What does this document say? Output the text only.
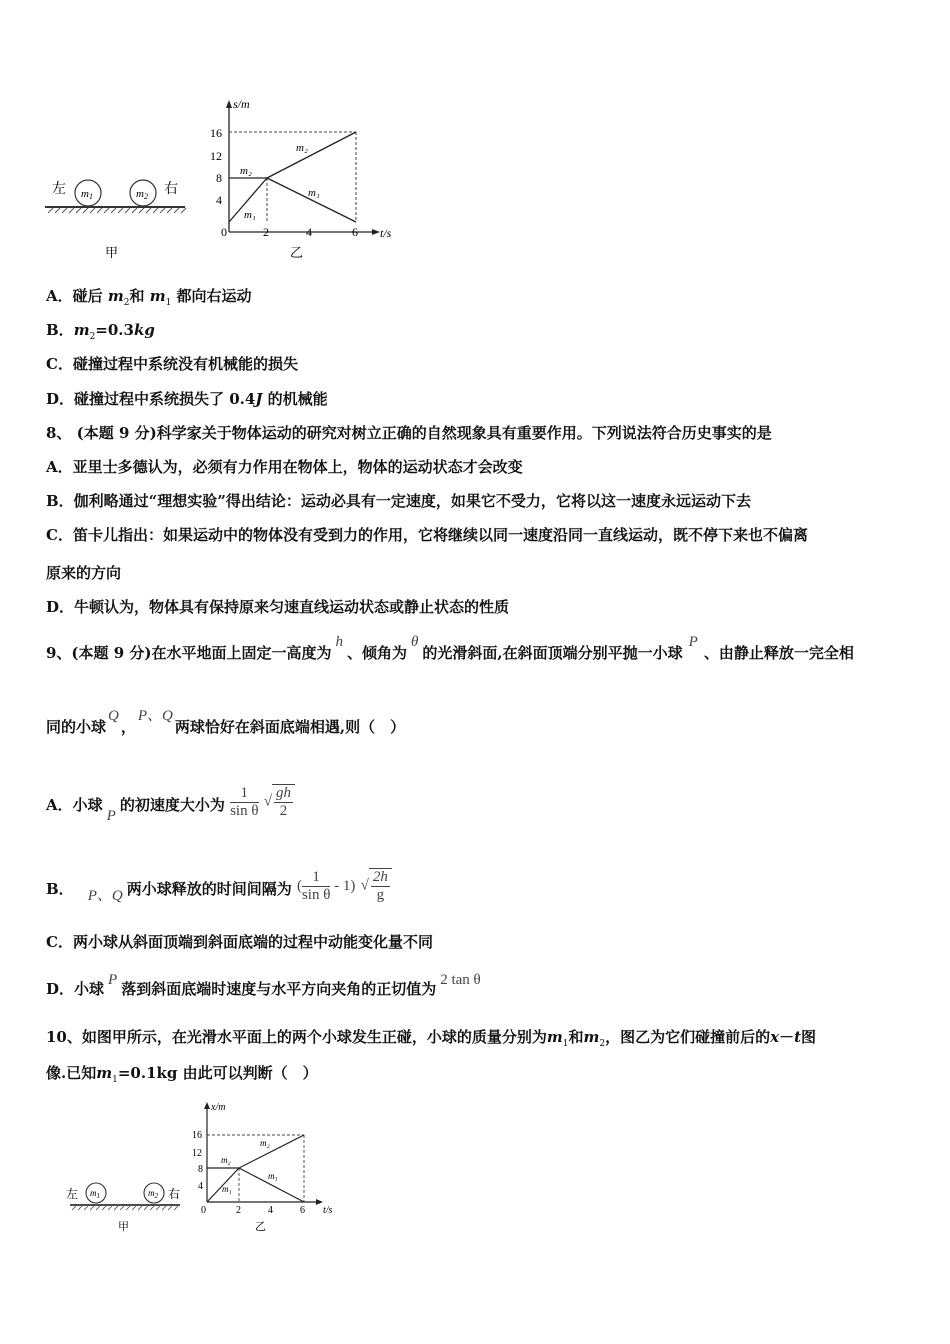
m1	m2
左	右
甲
s/m
t/s
0
16
12
8
4
2	4	6
m₂
m₂
m₁
m₁
乙
A．碰后 $m_2$和 $m_1$ 都向右运动
B．$m_2=0.3kg$
C．碰撞过程中系统没有机械能的损失
D．碰撞过程中系统损失了 0.4J 的机械能
8、 (本题 9 分)科学家关于物体运动的研究对树立正确的自然现象具有重要作用。下列说法符合历史事实的是
A．亚里士多德认为，必须有力作用在物体上，物体的运动状态才会改变
B．伽利略通过“理想实验”得出结论：运动必具有一定速度，如果它不受力，它将以这一速度永远运动下去
C．笛卡儿指出：如果运动中的物体没有受到力的作用，它将继续以同一速度沿同一直线运动，既不停下来也不偏离
原来的方向
D．牛顿认为，物体具有保持原来匀速直线运动状态或静止状态的性质
9、(本题 9 分)在水平地面上固定一高度为h、倾角为θ的光滑斜面,在斜面顶端分别平抛一小球P、由静止释放一完全相
同的小球Q，P、Q两球恰好在斜面底端相遇,则（　）
A．小球P的初速度大小为 $\frac{1}{\text{sin θ}}$ √ $\frac{gh}{2}$
B． P、Q 两小球释放的时间间隔为 ( $\frac{1}{\text{sin θ}} - 1$) √ $\frac{2h}{g}$
C．两小球从斜面顶端到斜面底端的过程中动能变化量不同
D．小球 P 落到斜面底端时速度与水平方向夹角的正切值为 2 tan θ
10、如图甲所示，在光滑水平面上的两个小球发生正碰，小球的质量分别为$m_1$和$m_2$，图乙为它们碰撞前后的x－t图
像.已知$m_1=0.1kg$ 由此可以判断（　）
$m_1$	$m_2$
左	右
甲
x/m
t/s
0
16
12
8
4
2	4	6
m₂
m₂
m₁
m₁
乙
